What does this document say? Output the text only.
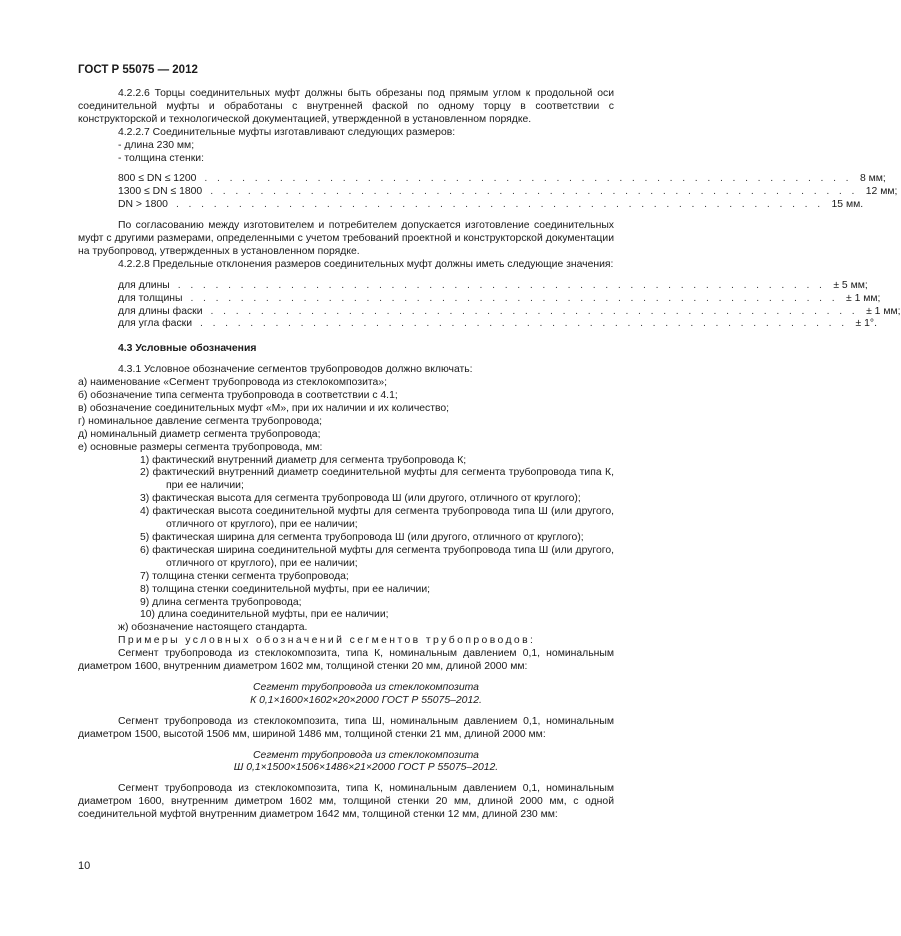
ГОСТ Р 55075 — 2012

4.2.2.6 Торцы соединительных муфт должны быть обрезаны под прямым углом к продольной оси соединительной муфты и обработаны с внутренней фаской по одному торцу в соответствии с конструкторской и технологической документацией, утвержденной в установленном порядке.

4.2.2.7 Соединительные муфты изготавливают следующих размеров:

- длина 230 мм;

- толщина стенки:

800 ≤ DN ≤ 1200 . . . . . . . . . . . . . . . . . . . . . . . . . . . . . . . . . . . . . . . . . . . . . . . . . . . . 8 мм;
1300 ≤ DN ≤ 1800 . . . . . . . . . . . . . . . . . . . . . . . . . . . . . . . . . . . . . . . . . . . . . . . . . . . . 12 мм;
DN > 1800 . . . . . . . . . . . . . . . . . . . . . . . . . . . . . . . . . . . . . . . . . . . . . . . . . . . . 15 мм.

По согласованию между изготовителем и потребителем допускается изготовление соединительных муфт с другими размерами, определенными с учетом требований проектной и конструкторской документации на трубопровод, утвержденных в установленном порядке.

4.2.2.8 Предельные отклонения размеров соединительных муфт должны иметь следующие значения:

для длины . . . . . . . . . . . . . . . . . . . . . . . . . . . . . . . . . . . . . . . . . . . . . . . . . . . . ± 5 мм;
для толщины . . . . . . . . . . . . . . . . . . . . . . . . . . . . . . . . . . . . . . . . . . . . . . . . . . . . ± 1 мм;
для длины фаски . . . . . . . . . . . . . . . . . . . . . . . . . . . . . . . . . . . . . . . . . . . . . . . . . . . . ± 1 мм;
для угла фаски . . . . . . . . . . . . . . . . . . . . . . . . . . . . . . . . . . . . . . . . . . . . . . . . . . . . ± 1°.

4.3 Условные обозначения

4.3.1 Условное обозначение сегментов трубопроводов должно включать:

а) наименование «Сегмент трубопровода из стеклокомпозита»;

б) обозначение типа сегмента трубопровода в соответствии с 4.1;

в) обозначение соединительных муфт «М», при их наличии и их количество;

г) номинальное давление сегмента трубопровода;

д) номинальный диаметр сегмента трубопровода;

е) основные размеры сегмента трубопровода, мм:

1) фактический внутренний диаметр для сегмента трубопровода К;

2) фактический внутренний диаметр соединительной муфты для сегмента трубопровода типа К, при ее наличии;

3) фактическая высота для сегмента трубопровода Ш (или другого, отличного от круглого);

4) фактическая высота соединительной муфты для сегмента трубопровода типа Ш (или другого, отличного от круглого), при ее наличии;

5) фактическая ширина для сегмента трубопровода Ш (или другого, отличного от круглого);

6) фактическая ширина соединительной муфты для сегмента трубопровода типа Ш (или другого, отличного от круглого), при ее наличии;

7) толщина стенки сегмента трубопровода;

8) толщина стенки соединительной муфты, при ее наличии;

9) длина сегмента трубопровода;

10) длина соединительной муфты, при ее наличии;

ж) обозначение настоящего стандарта.

Примеры условных обозначений сегментов трубопроводов:

Сегмент трубопровода из стеклокомпозита, типа К, номинальным давлением 0,1, номинальным диаметром 1600, внутренним диаметром 1602 мм, толщиной стенки 20 мм, длиной 2000 мм:

Сегмент трубопровода из стеклокомпозита

К 0,1×1600×1602×20×2000 ГОСТ Р 55075–2012.

Сегмент трубопровода из стеклокомпозита, типа Ш, номинальным давлением 0,1, номинальным диаметром 1500, высотой 1506 мм, шириной 1486 мм, толщиной стенки 21 мм, длиной 2000 мм:

Сегмент трубопровода из стеклокомпозита

Ш 0,1×1500×1506×1486×21×2000 ГОСТ Р 55075–2012.

Сегмент трубопровода из стеклокомпозита, типа К, номинальным давлением 0,1, номинальным диаметром 1600, внутренним диметром 1602 мм, толщиной стенки 20 мм, длиной 2000 мм, с одной соединительной муфтой внутренним диаметром 1642 мм, толщиной стенки 12 мм, длиной 230 мм:

10
